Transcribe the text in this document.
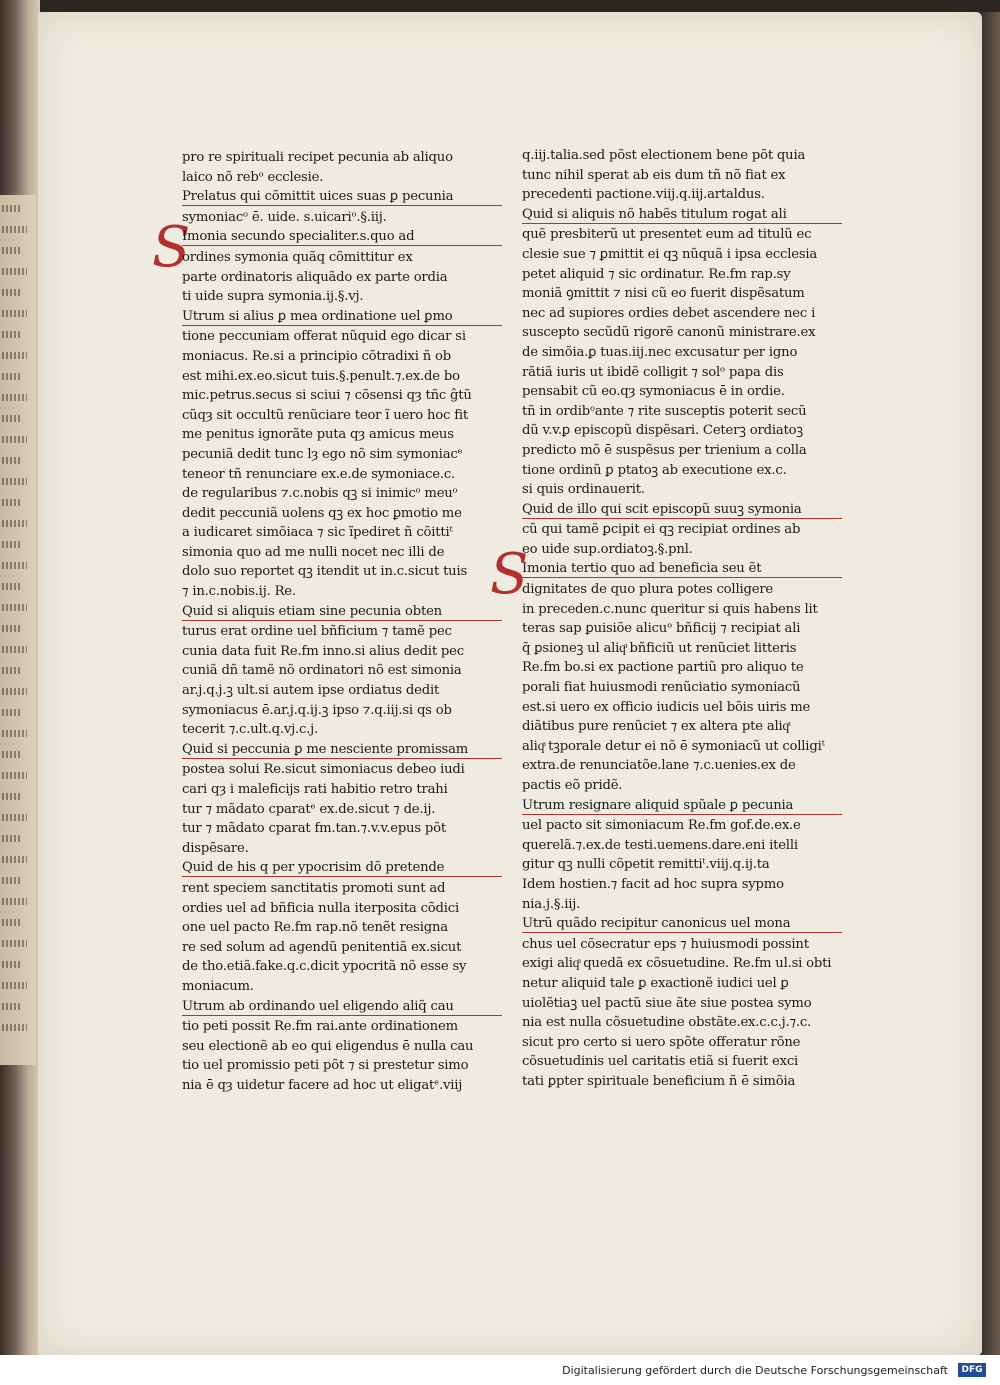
S
S
pro re spirituali recipet pecunia ab aliquo
laico nõ rebᵒ ecclesie.
Prelatus qui cõmittit uices suas ꝑ pecunia
symoniacᵒ ē. uide. s.uicariᵒ.§.iij.
Imonia secundo specialiter.s.quo ad
ordines symonia quãq cõmittitur ex
parte ordinatoris aliquãdo ex parte ordia
ti uide supra symonia.ij.§.vj.
Utrum si alius ꝑ mea ordinatione uel ꝑmo
tione peccuniam offerat nũquid ego dicar si
moniacus. Re.si a principio cõtradixi ñ ob
est mihi.ex.eo.sicut tuis.§.penult.⁊.ex.de bo
mic.petrus.secus si sciui ⁊ cõsensi qȝ tñc ĝtũ
cũqȝ sit occultũ renũciare teor ĩ uero hoc fit
me penitus ignorãte puta qȝ amicus meus
pecuniã dedit tunc lȝ ego nõ sim symoniacᵉ
teneor tñ renunciare ex.e.de symoniace.c.
de regularibus ⁊.c.nobis qꝫ si inimicᵒ meuᵒ
dedit peccuniã uolens qꝫ ex hoc ꝑmotio me
a iudicaret simõiaca ⁊ sic ĩpediret ñ cõittiᵗ
simonia quo ad me nulli nocet nec illi de
dolo suo reportet qꝫ itendit ut in.c.sicut tuis
⁊ in.c.nobis.ij. Re.
Quid si aliquis etiam sine pecunia obten
turus erat ordine uel bñficium ⁊ tamẽ pec
cunia data fuit Re.fm inno.si alius dedit pec
cuniã dñ tamẽ nõ ordinatori nõ est simonia
ar.j.q.j.ꝫ ult.si autem ipse ordiatus dedit
symoniacus ē.ar.j.q.ij.ꝫ ipso ⁊.q.iij.si qs ob
tecerit ⁊.c.ult.q.vj.c.j.
Quid si peccunia ꝑ me nesciente promissam
postea solui Re.sicut simoniacus debeo iudi
cari qȝ i maleficijs rati habitio retro trahi
tur ⁊ mãdato cparatᵉ ex.de.sicut ⁊ de.ij.
tur ⁊ mãdato cparat fm.tan.⁊.v.v.epus põt
dispẽsare.
Quid de his q per ypocrisim dõ pretende
rent speciem sanctitatis promoti sunt ad
ordies uel ad bñficia nulla iterposita cõdici
one uel pacto Re.fm rap.nõ tenẽt resigna
re sed solum ad agendũ penitentiã ex.sicut
de tho.etiã.fake.q.c.dicit ypocritã nõ esse sy
moniacum.
Utrum ab ordinando uel eligendo aliq̃ cau
tio peti possit Re.fm rai.ante ordinationem
seu electionẽ ab eo qui eligendus ē nulla cau
tio uel promissio peti põt ⁊ si prestetur simo
nia ē qȝ uidetur facere ad hoc ut eligatᵉ.viij
q.iij.talia.sed põst electionem bene põt quia
tunc nihil sperat ab eis dum tñ nõ fiat ex
precedenti pactione.viij.q.iij.artaldus.
Quid si aliquis nõ habẽs titulum rogat ali
quẽ presbiterũ ut presentet eum ad titulũ ec
clesie sue ⁊ ꝑmittit ei qꝫ nũquã i ipsa ecclesia
petet aliquid ⁊ sic ordinatur. Re.fm rap.sy
moniã ꝯmittit ⁊ nisi cũ eo fuerit dispẽsatum
nec ad supiores ordies debet ascendere nec i
suscepto secũdũ rigorẽ canonũ ministrare.ex
de simõia.ꝑ tuas.iij.nec excusatur per igno
rãtiã iuris ut ibidẽ colligit ⁊ solᵒ papa dis
pensabit cũ eo.qȝ symoniacus ē in ordie.
tñ in ordibᵒante ⁊ rite susceptis poterit secũ
dũ v.v.ꝑ episcopũ dispẽsari. Ceterꝫ ordiatoꝫ
predicto mõ ē suspẽsus per trienium a colla
tione ordinũ ꝑ ptatoꝫ ab executione ex.c.
si quis ordinauerit.
Quid de illo qui scit episcopũ suuꝫ symonia
cũ qui tamẽ ꝑcipit ei qꝫ recipiat ordines ab
eo uide sup.ordiatoꝫ.§.pnl.
Imonia tertio quo ad beneficia seu ẽt
dignitates de quo plura potes colligere
in preceden.c.nunc queritur si quis habens lit
teras sap ꝑuisiõe alicuᵒ bñficij ⁊ recipiat ali
q̃ ꝑsioneꝫ ul aliqͣ bñficiũ ut renũciet litteris
Re.fm bo.si ex pactione partiũ pro aliquo te
porali fiat huiusmodi renũciatio symoniacũ
est.si uero ex officio iudicis uel bõis uiris me
diãtibus pure renũciet ⁊ ex altera pte aliqͣ
aliqͣ tꝫporale detur ei nõ ē symoniacũ ut colligiᵗ
extra.de renunciatõe.lane ⁊.c.uenies.ex de
pactis eõ pridẽ.
Utrum resignare aliquid spũale ꝑ pecunia
uel pacto sit simoniacum Re.fm gof.de.ex.e
querelã.⁊.ex.de testi.uemens.dare.eni itelli
gitur qꝫ nulli cõpetit remittiᵗ.viij.q.ij.ta
Idem hostien.⁊ facit ad hoc supra sypmo
nia.j.§.iij.
Utrũ quãdo recipitur canonicus uel mona
chus uel cõsecratur eps ⁊ huiusmodi possint
exigi aliqͣ quedã ex cõsuetudine. Re.fm ul.si obti
netur aliquid tale ꝑ exactionẽ iudici uel ꝑ
uiolẽtiaꝫ uel pactũ siue ãte siue postea symo
nia est nulla cõsuetudine obstãte.ex.c.c.j.⁊.c.
sicut pro certo si uero spõte offeratur rõne
cõsuetudinis uel caritatis etiã si fuerit exci
tati ꝑpter spirituale beneficium ñ ē simõia
Digitalisierung gefördert durch die Deutsche Forschungsgemeinschaft	DFG
